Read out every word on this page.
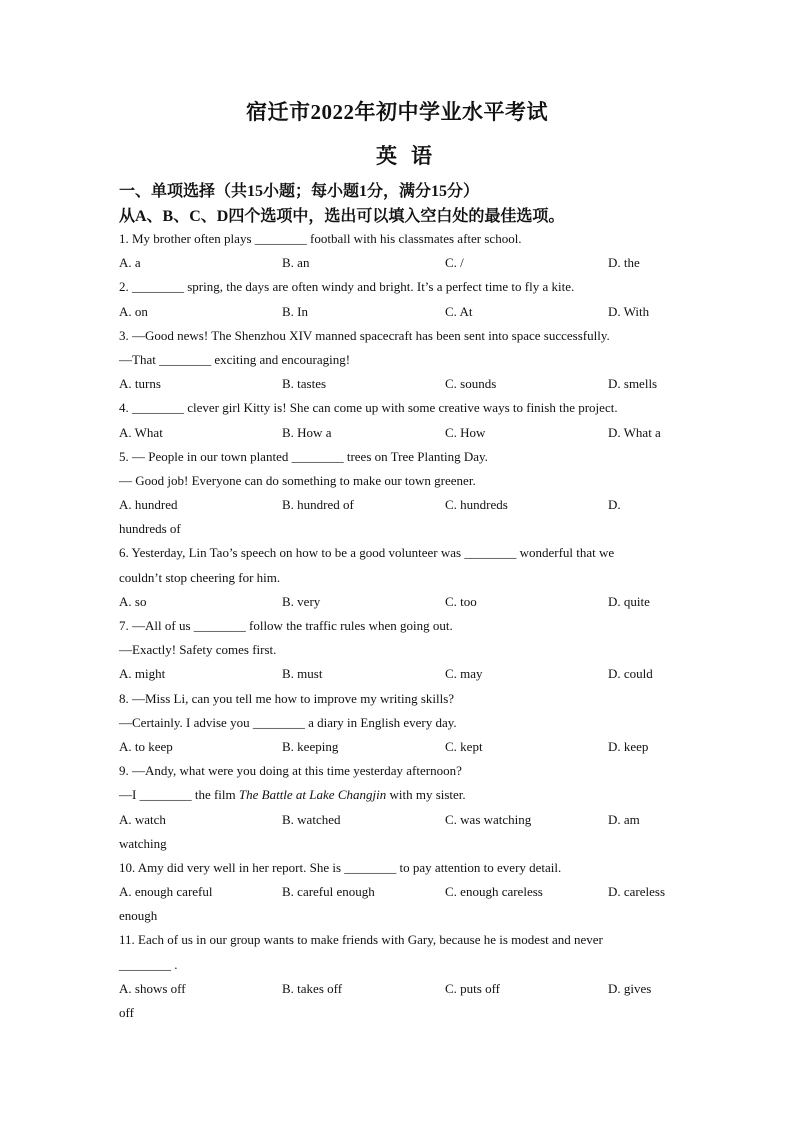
宿迁市2022年初中学业水平考试
英语
一、单项选择（共15小题；每小题1分，满分15分）
从A、B、C、D四个选项中，选出可以填入空白处的最佳选项。
1. My brother often plays ________ football with his classmates after school.
A. a	B. an	C. /	D. the
2. ________ spring, the days are often windy and bright. It’s a perfect time to fly a kite.
A. on	B. In	C. At	D. With
3. —Good news! The Shenzhou XIV manned spacecraft has been sent into space successfully.
—That ________ exciting and encouraging!
A. turns	B. tastes	C. sounds	D. smells
4. ________ clever girl Kitty is! She can come up with some creative ways to finish the project.
A. What	B. How a	C. How	D. What a
5. — People in our town planted ________ trees on Tree Planting Day.
— Good job! Everyone can do something to make our town greener.
A. hundred	B. hundred of	C. hundreds	D.
hundreds of
6. Yesterday, Lin Tao’s speech on how to be a good volunteer was ________ wonderful that we
couldn’t stop cheering for him.
A. so	B. very	C. too	D. quite
7. —All of us ________ follow the traffic rules when going out.
—Exactly! Safety comes first.
A. might	B. must	C. may	D. could
8. —Miss Li, can you tell me how to improve my writing skills?
—Certainly. I advise you ________ a diary in English every day.
A. to keep	B. keeping	C. kept	D. keep
9. —Andy, what were you doing at this time yesterday afternoon?
—I ________ the film The Battle at Lake Changjin with my sister.
A. watch	B. watched	C. was watching	D. am
watching
10. Amy did very well in her report. She is ________ to pay attention to every detail.
A. enough careful	B. careful enough	C. enough careless	D. careless
enough
11. Each of us in our group wants to make friends with Gary, because he is modest and never
________ .
A. shows off	B. takes off	C. puts off	D. gives
off
